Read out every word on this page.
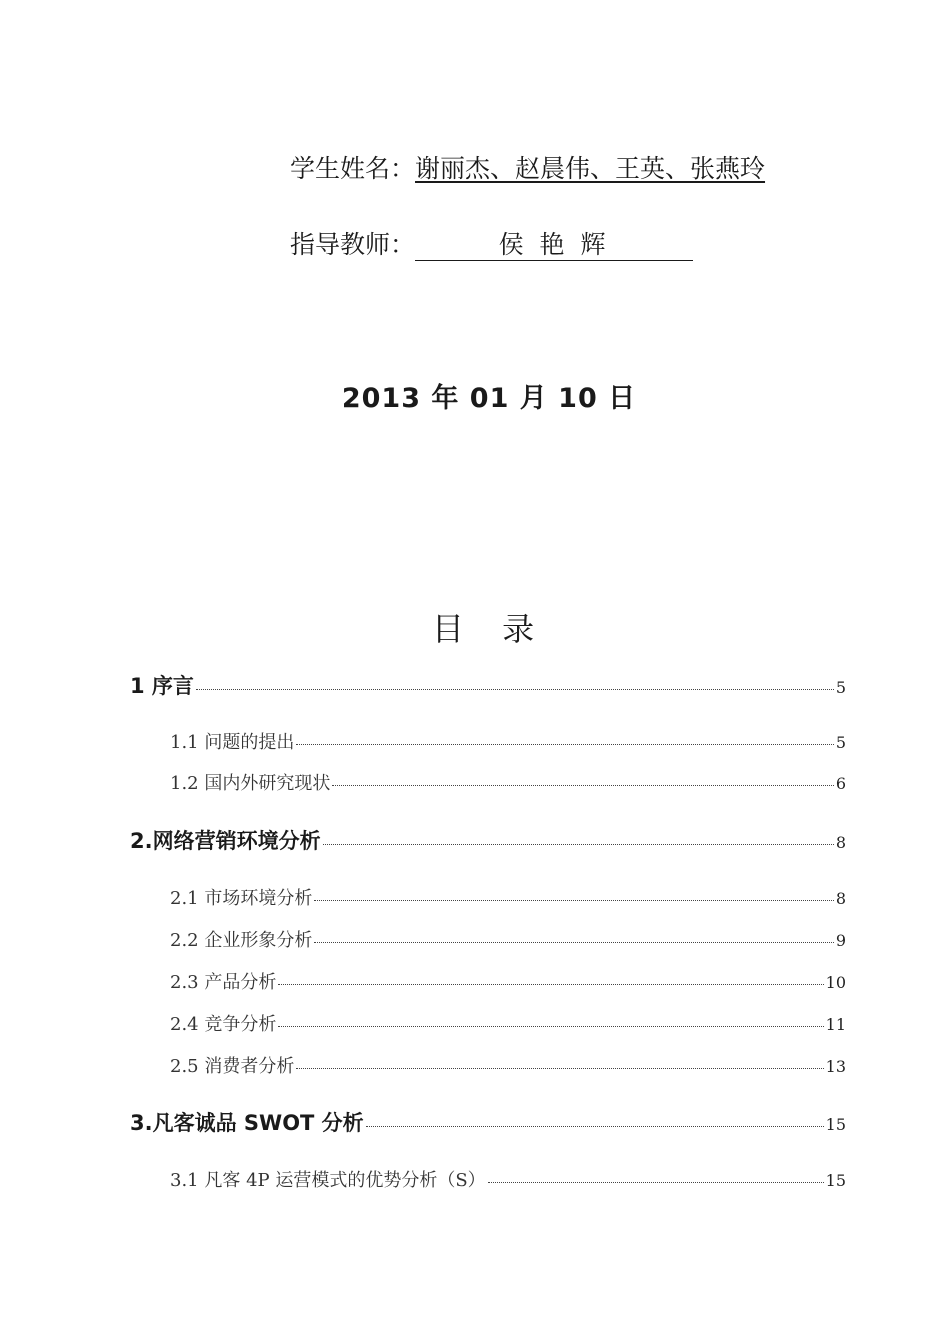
学生姓名：谢丽杰、赵晨伟、王英、张燕玲
指导教师：	侯 艳 辉
2013 年 01 月 10 日
目 录
1 序言	5
1.1 问题的提出	5
1.2 国内外研究现状	6
2.网络营销环境分析	8
2.1 市场环境分析	8
2.2 企业形象分析	9
2.3 产品分析	10
2.4 竞争分析	11
2.5 消费者分析	13
3.凡客诚品 SWOT 分析	15
3.1 凡客 4P 运营模式的优势分析（S）	15
